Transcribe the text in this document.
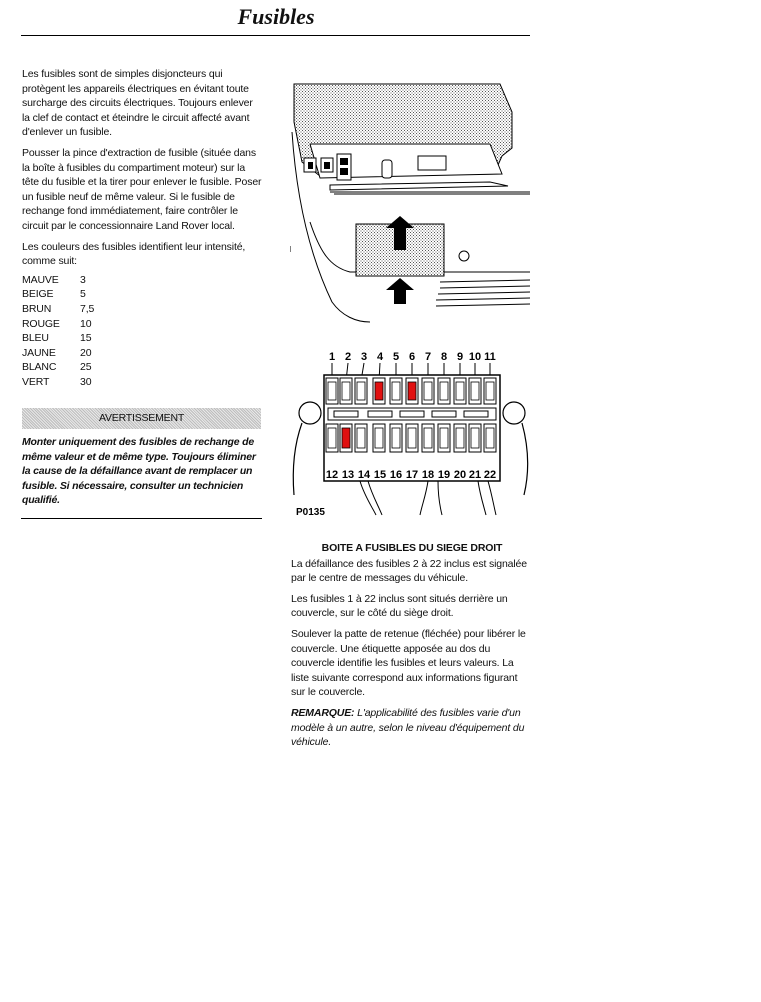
Fusibles

Les fusibles sont de simples disjoncteurs qui protègent les appareils électriques en évitant toute surcharge des circuits électriques. Toujours enlever la clef de contact et éteindre le circuit affecté avant d'enlever un fusible.

Pousser la pince d'extraction de fusible (située dans la boîte à fusibles du compartiment moteur) sur la tête du fusible et la tirer pour enlever le fusible. Poser un fusible neuf de même valeur. Si le fusible de rechange fond immédiatement, faire contrôler le circuit par le concessionnaire Land Rover local.

Les couleurs des fusibles identifient leur intensité, comme suit:

MAUVE	3
BEIGE	5
BRUN	7,5
ROUGE	10
BLEU	15
JAUNE	20
BLANC	25
VERT	30
AVERTISSEMENT
Monter uniquement des fusibles de rechange de même valeur et de même type. Toujours éliminer la cause de la défaillance avant de remplacer un fusible. Si nécessaire, consulter un technicien qualifié.
1 2 3 4 5 6 7 8 9 10 11
12 13 14 15 16 17 18 19 20 21 22
P0135
BOITE A FUSIBLES DU SIEGE DROIT

La défaillance des fusibles 2 à 22 inclus est signalée par le centre de messages du véhicule.

Les fusibles 1 à 22 inclus sont situés derrière un couvercle, sur le côté du siège droit.

Soulever la patte de retenue (fléchée) pour libérer le couvercle. Une étiquette apposée au dos du couvercle identifie les fusibles et leurs valeurs. La liste suivante correspond aux informations figurant sur le couvercle.

REMARQUE: L'applicabilité des fusibles varie d'un modèle à un autre, selon le niveau d'équipement du véhicule.
